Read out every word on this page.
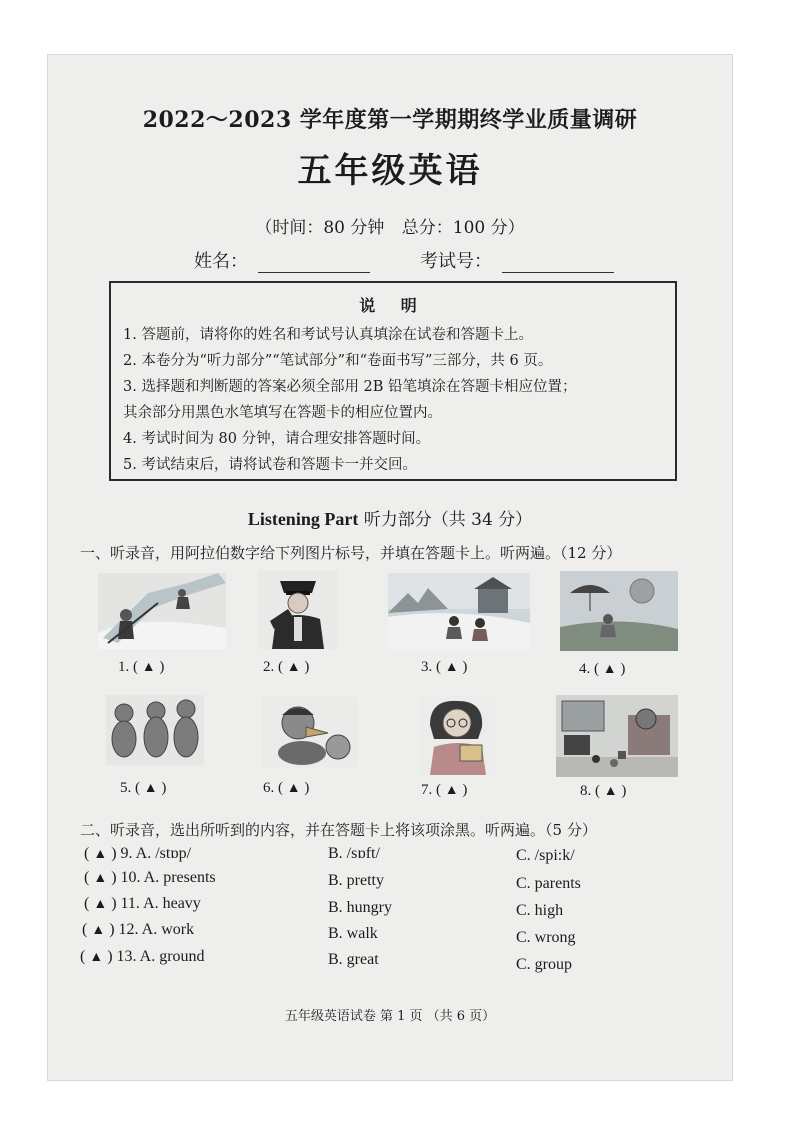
2022～2023 学年度第一学期期终学业质量调研
五年级英语
（时间：80 分钟 总分：100 分）
姓名：	考试号：
说 明
1. 答题前，请将你的姓名和考试号认真填涂在试卷和答题卡上。
2. 本卷分为“听力部分”“笔试部分”和“卷面书写”三部分，共 6 页。
3. 选择题和判断题的答案必须全部用 2B 铅笔填涂在答题卡相应位置；
其余部分用黑色水笔填写在答题卡的相应位置内。
4. 考试时间为 80 分钟，请合理安排答题时间。
5. 考试结束后，请将试卷和答题卡一并交回。
Listening Part 听力部分（共 34 分）
一、听录音，用阿拉伯数字给下列图片标号，并填在答题卡上。听两遍。（12 分）
1. ( ▲ )	2. ( ▲ )	3. ( ▲ )	4. ( ▲ )
5. ( ▲ )	6. ( ▲ )	7. ( ▲ )	8. ( ▲ )
二、听录音，选出所听到的内容，并在答题卡上将该项涂黑。听两遍。（5 分）
( ▲ ) 9. A. /stɒp/	B. /sɒft/	C. /spi:k/
( ▲ ) 10. A. presents	B. pretty	C. parents
( ▲ ) 11. A. heavy	B. hungry	C. high
( ▲ ) 12. A. work	B. walk	C. wrong
( ▲ ) 13. A. ground	B. great	C. group
五年级英语试卷 第 1 页 （共 6 页）
